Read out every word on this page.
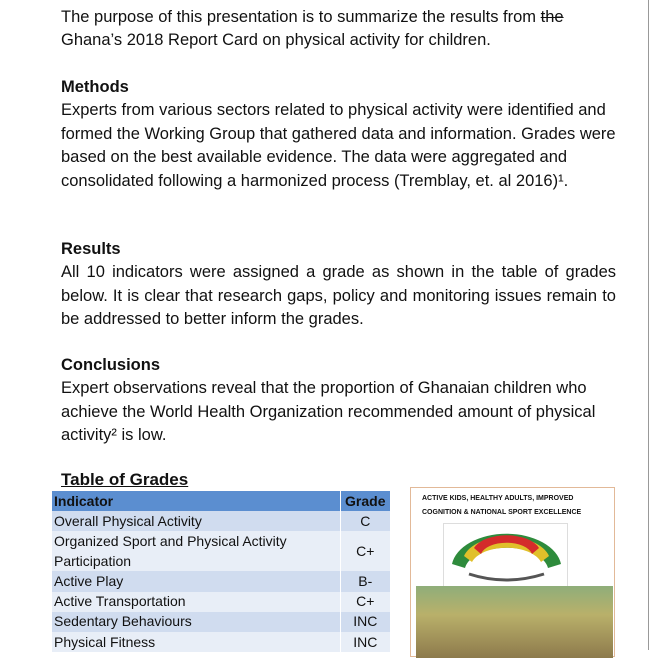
The purpose of this presentation is to summarize the results from the
Ghana’s 2018 Report Card on physical activity for children.
Methods
Experts from various sectors related to physical activity were identified and formed the Working Group that gathered data and information. Grades were based on the best available evidence. The data were aggregated and consolidated following a harmonized process (Tremblay, et. al 2016)¹.
Results
All 10 indicators were assigned a grade as shown in the table of grades below. It is clear that research gaps, policy and monitoring issues remain to be addressed to better inform the grades.
Conclusions
Expert observations reveal that the proportion of Ghanaian children who achieve the World Health Organization recommended amount of physical activity² is low.
Table of Grades
Indicator	Grade
Overall Physical Activity	C
Organized Sport and Physical Activity Participation	C+
Active Play	B-
Active Transportation	C+
Sedentary Behaviours	INC
Physical Fitness	INC
ACTIVE KIDS, HEALTHY ADULTS, IMPROVED COGNITION & NATIONAL SPORT EXCELLENCE
